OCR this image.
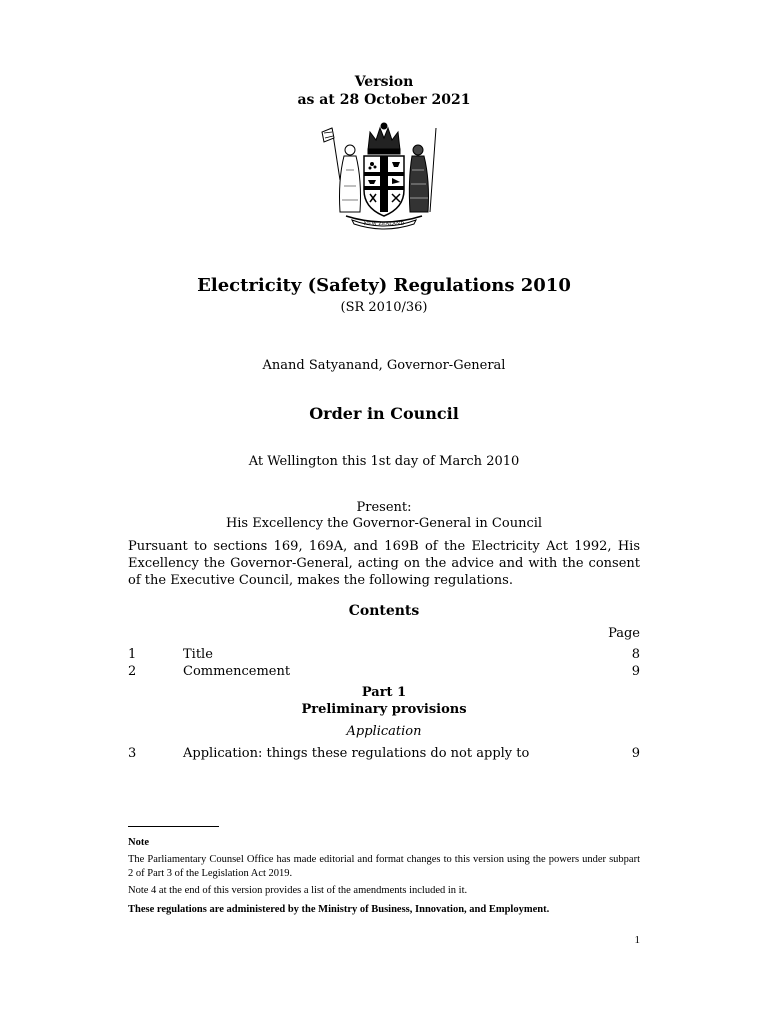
Version
as at 28 October 2021
NEW ZEALAND
Electricity (Safety) Regulations 2010
(SR 2010/36)
Anand Satyanand, Governor-General
Order in Council
At Wellington this 1st day of March 2010
Present:
His Excellency the Governor-General in Council
Pursuant to sections 169, 169A, and 169B of the Electricity Act 1992, His Excellency the Governor-General, acting on the advice and with the consent of the Executive Council, makes the following regulations.
Contents
Page
1	Title	8
2	Commencement	9
Part 1
Preliminary provisions
Application
3	Application: things these regulations do not apply to	9
Note
The Parliamentary Counsel Office has made editorial and format changes to this version using the powers under subpart 2 of Part 3 of the Legislation Act 2019.
Note 4 at the end of this version provides a list of the amendments included in it.
These regulations are administered by the Ministry of Business, Innovation, and Employment.
1
